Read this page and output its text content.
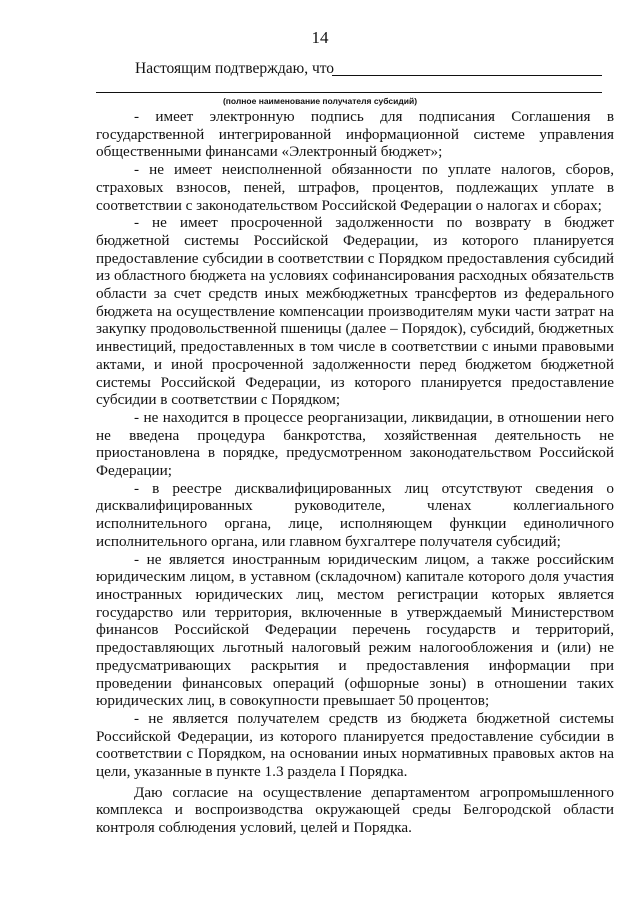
14
Настоящим подтверждаю, что
(полное наименование получателя субсидий)

- имеет электронную подпись для подписания Соглашения в государственной интегрированной информационной системе управления общественными финансами «Электронный бюджет»;

- не имеет неисполненной обязанности по уплате налогов, сборов, страховых взносов, пеней, штрафов, процентов, подлежащих уплате в соответствии с законодательством Российской Федерации о налогах и сборах;

- не имеет просроченной задолженности по возврату в бюджет бюджетной системы Российской Федерации, из которого планируется предоставление субсидии в соответствии с Порядком предоставления субсидий из областного бюджета на условиях софинансирования расходных обязательств области за счет средств иных межбюджетных трансфертов из федерального бюджета на осуществление компенсации производителям муки части затрат на закупку продовольственной пшеницы (далее – Порядок), субсидий, бюджетных инвестиций, предоставленных в том числе в соответствии с иными правовыми актами, и иной просроченной задолженности перед бюджетом бюджетной системы Российской Федерации, из которого планируется предоставление субсидии в соответствии с Порядком;

- не находится в процессе реорганизации, ликвидации, в отношении него не введена процедура банкротства, хозяйственная деятельность не приостановлена в порядке, предусмотренном законодательством Российской Федерации;

- в реестре дисквалифицированных лиц отсутствуют сведения о дисквалифицированных руководителе, членах коллегиального исполнительного органа, лице, исполняющем функции единоличного исполнительного органа, или главном бухгалтере получателя субсидий;

- не является иностранным юридическим лицом, а также российским юридическим лицом, в уставном (складочном) капитале которого доля участия иностранных юридических лиц, местом регистрации которых является государство или территория, включенные в утверждаемый Министерством финансов Российской Федерации перечень государств и территорий, предоставляющих льготный налоговый режим налогообложения и (или) не предусматривающих раскрытия и предоставления информации при проведении финансовых операций (офшорные зоны) в отношении таких юридических лиц, в совокупности превышает 50 процентов;

- не является получателем средств из бюджета бюджетной системы Российской Федерации, из которого планируется предоставление субсидии в соответствии с Порядком, на основании иных нормативных правовых актов на цели, указанные в пункте 1.3 раздела I Порядка.

Даю согласие на осуществление департаментом агропромышленного комплекса и воспроизводства окружающей среды Белгородской области контроля соблюдения условий, целей и Порядка.
